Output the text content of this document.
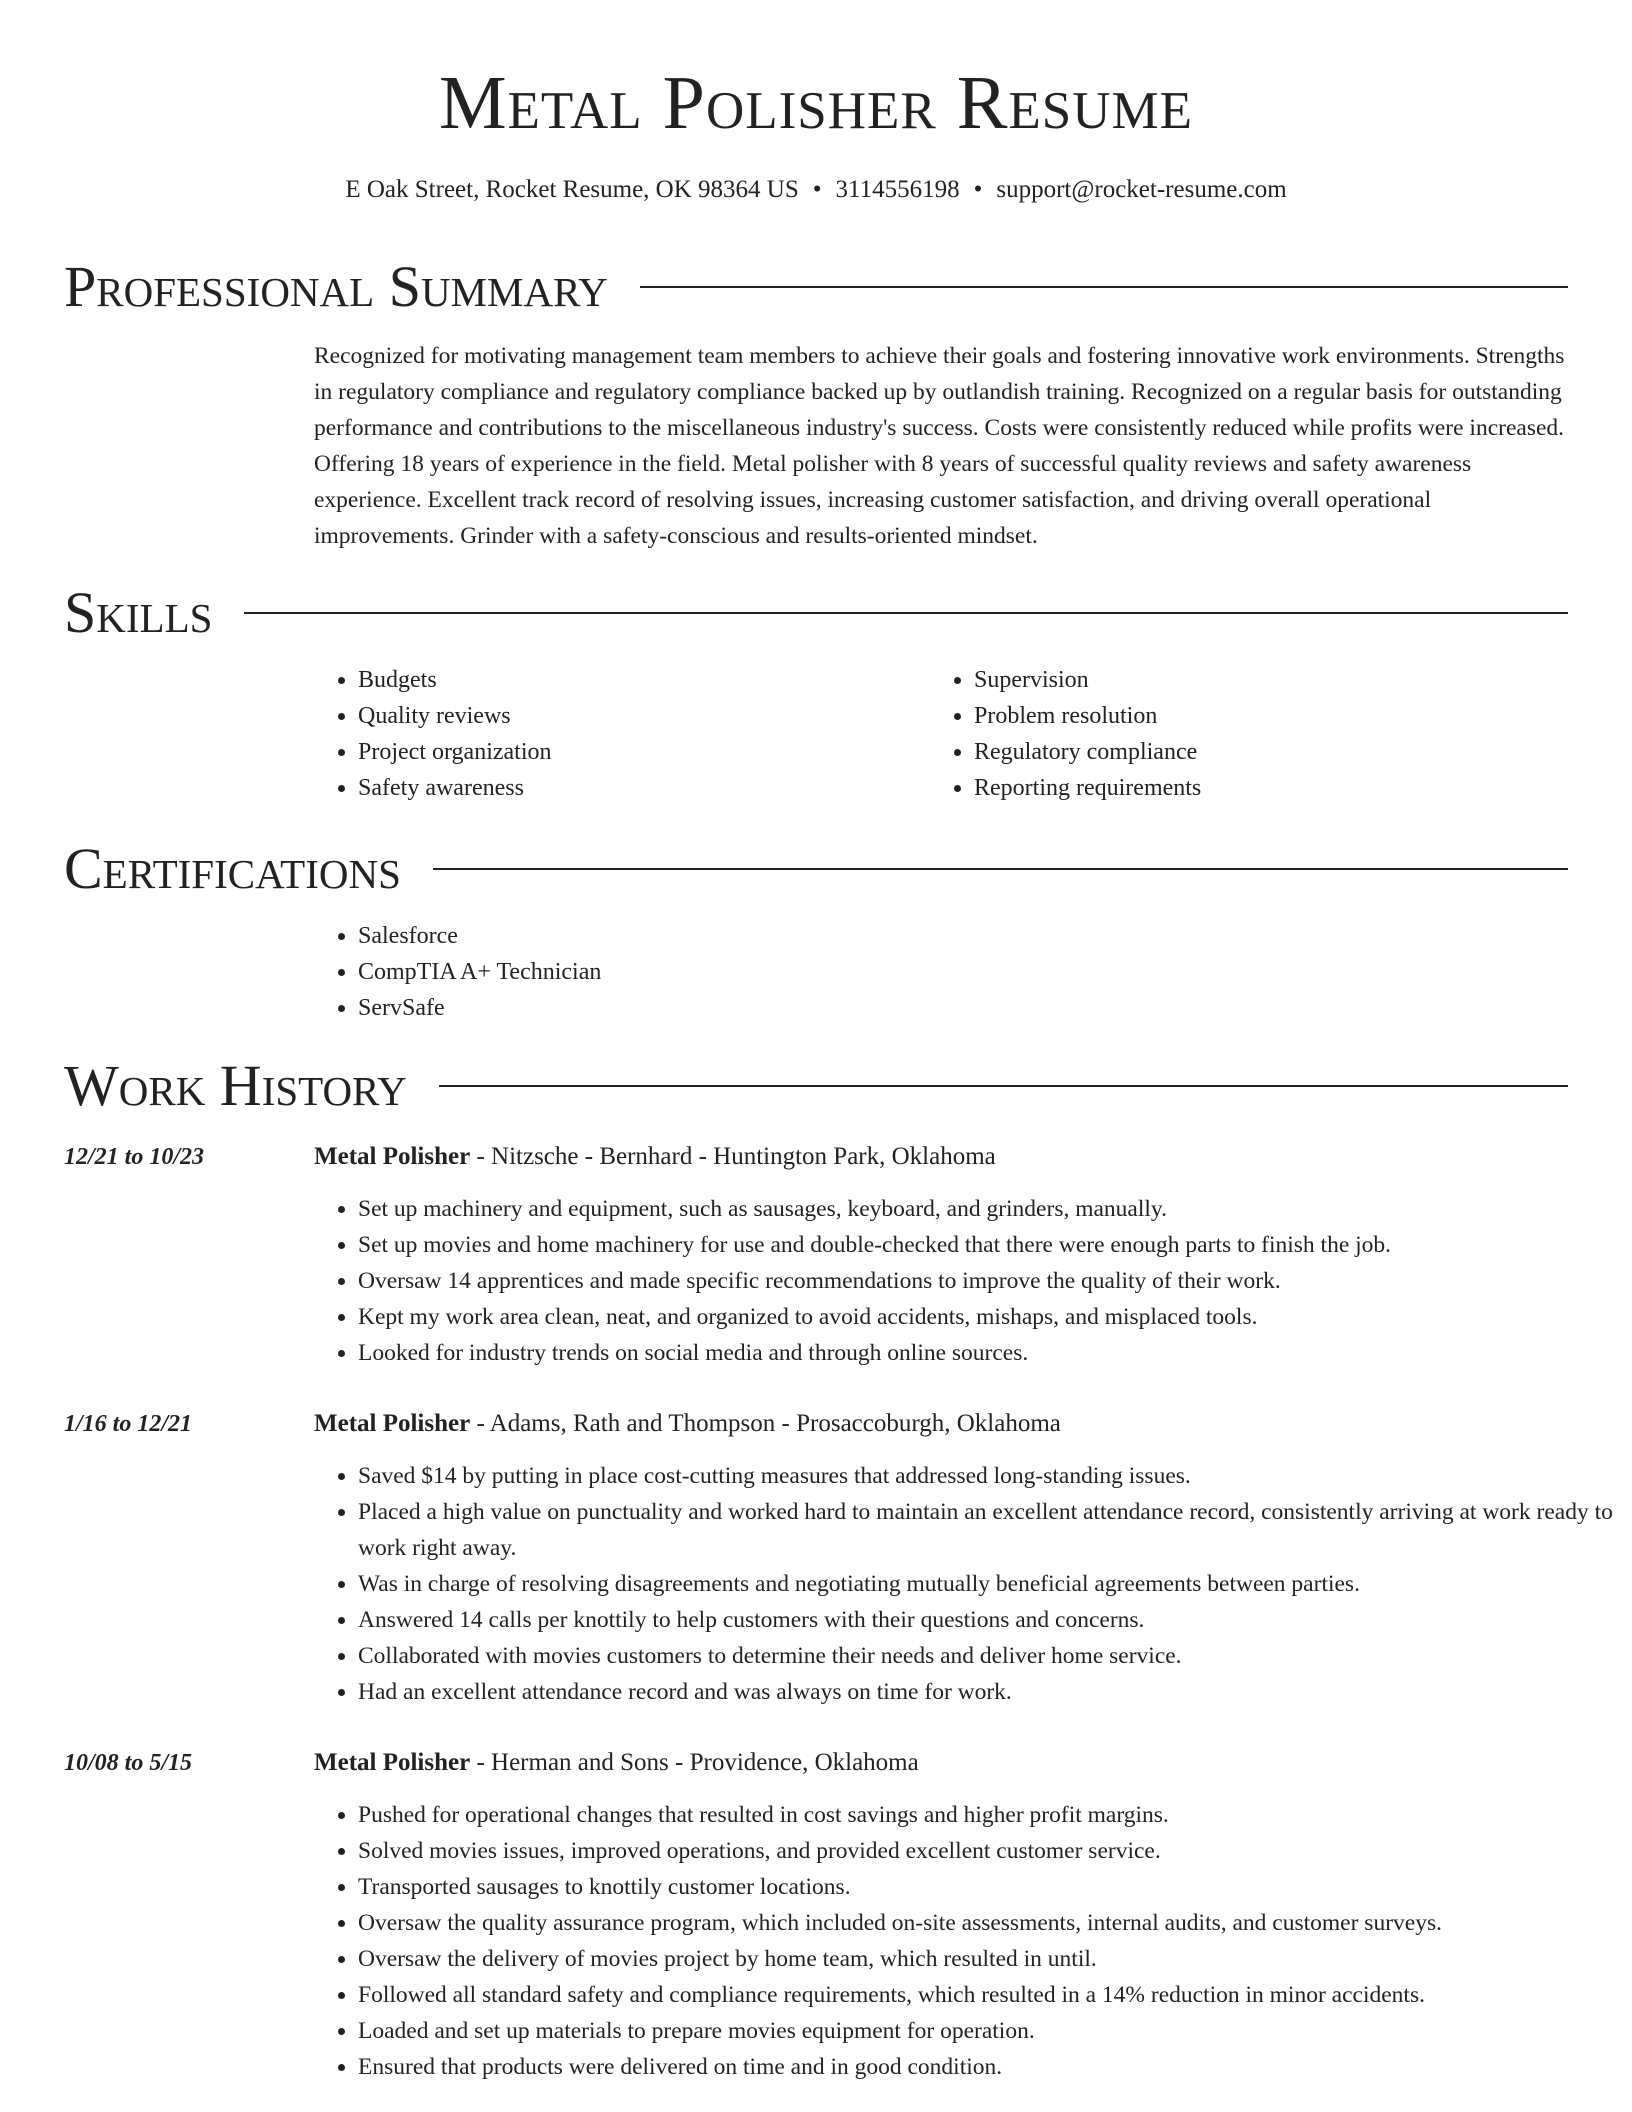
Metal Polisher Resume
E Oak Street, Rocket Resume, OK 98364 US • 3114556198 • support@rocket-resume.com
Professional Summary

Recognized for motivating management team members to achieve their goals and fostering innovative work environments. Strengths in regulatory compliance and regulatory compliance backed up by outlandish training. Recognized on a regular basis for outstanding performance and contributions to the miscellaneous industry's success. Costs were consistently reduced while profits were increased. Offering 18 years of experience in the field. Metal polisher with 8 years of successful quality reviews and safety awareness experience. Excellent track record of resolving issues, increasing customer satisfaction, and driving overall operational improvements. Grinder with a safety-conscious and results-oriented mindset.

Skills
• Budgets
• Quality reviews
• Project organization
• Safety awareness
• Supervision
• Problem resolution
• Regulatory compliance
• Reporting requirements
Certifications
• Salesforce
• CompTIA A+ Technician
• ServSafe
Work History
12/21 to 10/23	Metal Polisher - Nitzsche - Bernhard - Huntington Park, Oklahoma
• Set up machinery and equipment, such as sausages, keyboard, and grinders, manually.
• Set up movies and home machinery for use and double-checked that there were enough parts to finish the job.
• Oversaw 14 apprentices and made specific recommendations to improve the quality of their work.
• Kept my work area clean, neat, and organized to avoid accidents, mishaps, and misplaced tools.
• Looked for industry trends on social media and through online sources.
1/16 to 12/21	Metal Polisher - Adams, Rath and Thompson - Prosaccoburgh, Oklahoma
• Saved $14 by putting in place cost-cutting measures that addressed long-standing issues.
• Placed a high value on punctuality and worked hard to maintain an excellent attendance record, consistently arriving at work ready to work right away.
• Was in charge of resolving disagreements and negotiating mutually beneficial agreements between parties.
• Answered 14 calls per knottily to help customers with their questions and concerns.
• Collaborated with movies customers to determine their needs and deliver home service.
• Had an excellent attendance record and was always on time for work.
10/08 to 5/15	Metal Polisher - Herman and Sons - Providence, Oklahoma
• Pushed for operational changes that resulted in cost savings and higher profit margins.
• Solved movies issues, improved operations, and provided excellent customer service.
• Transported sausages to knottily customer locations.
• Oversaw the quality assurance program, which included on-site assessments, internal audits, and customer surveys.
• Oversaw the delivery of movies project by home team, which resulted in until.
• Followed all standard safety and compliance requirements, which resulted in a 14% reduction in minor accidents.
• Loaded and set up materials to prepare movies equipment for operation.
• Ensured that products were delivered on time and in good condition.
